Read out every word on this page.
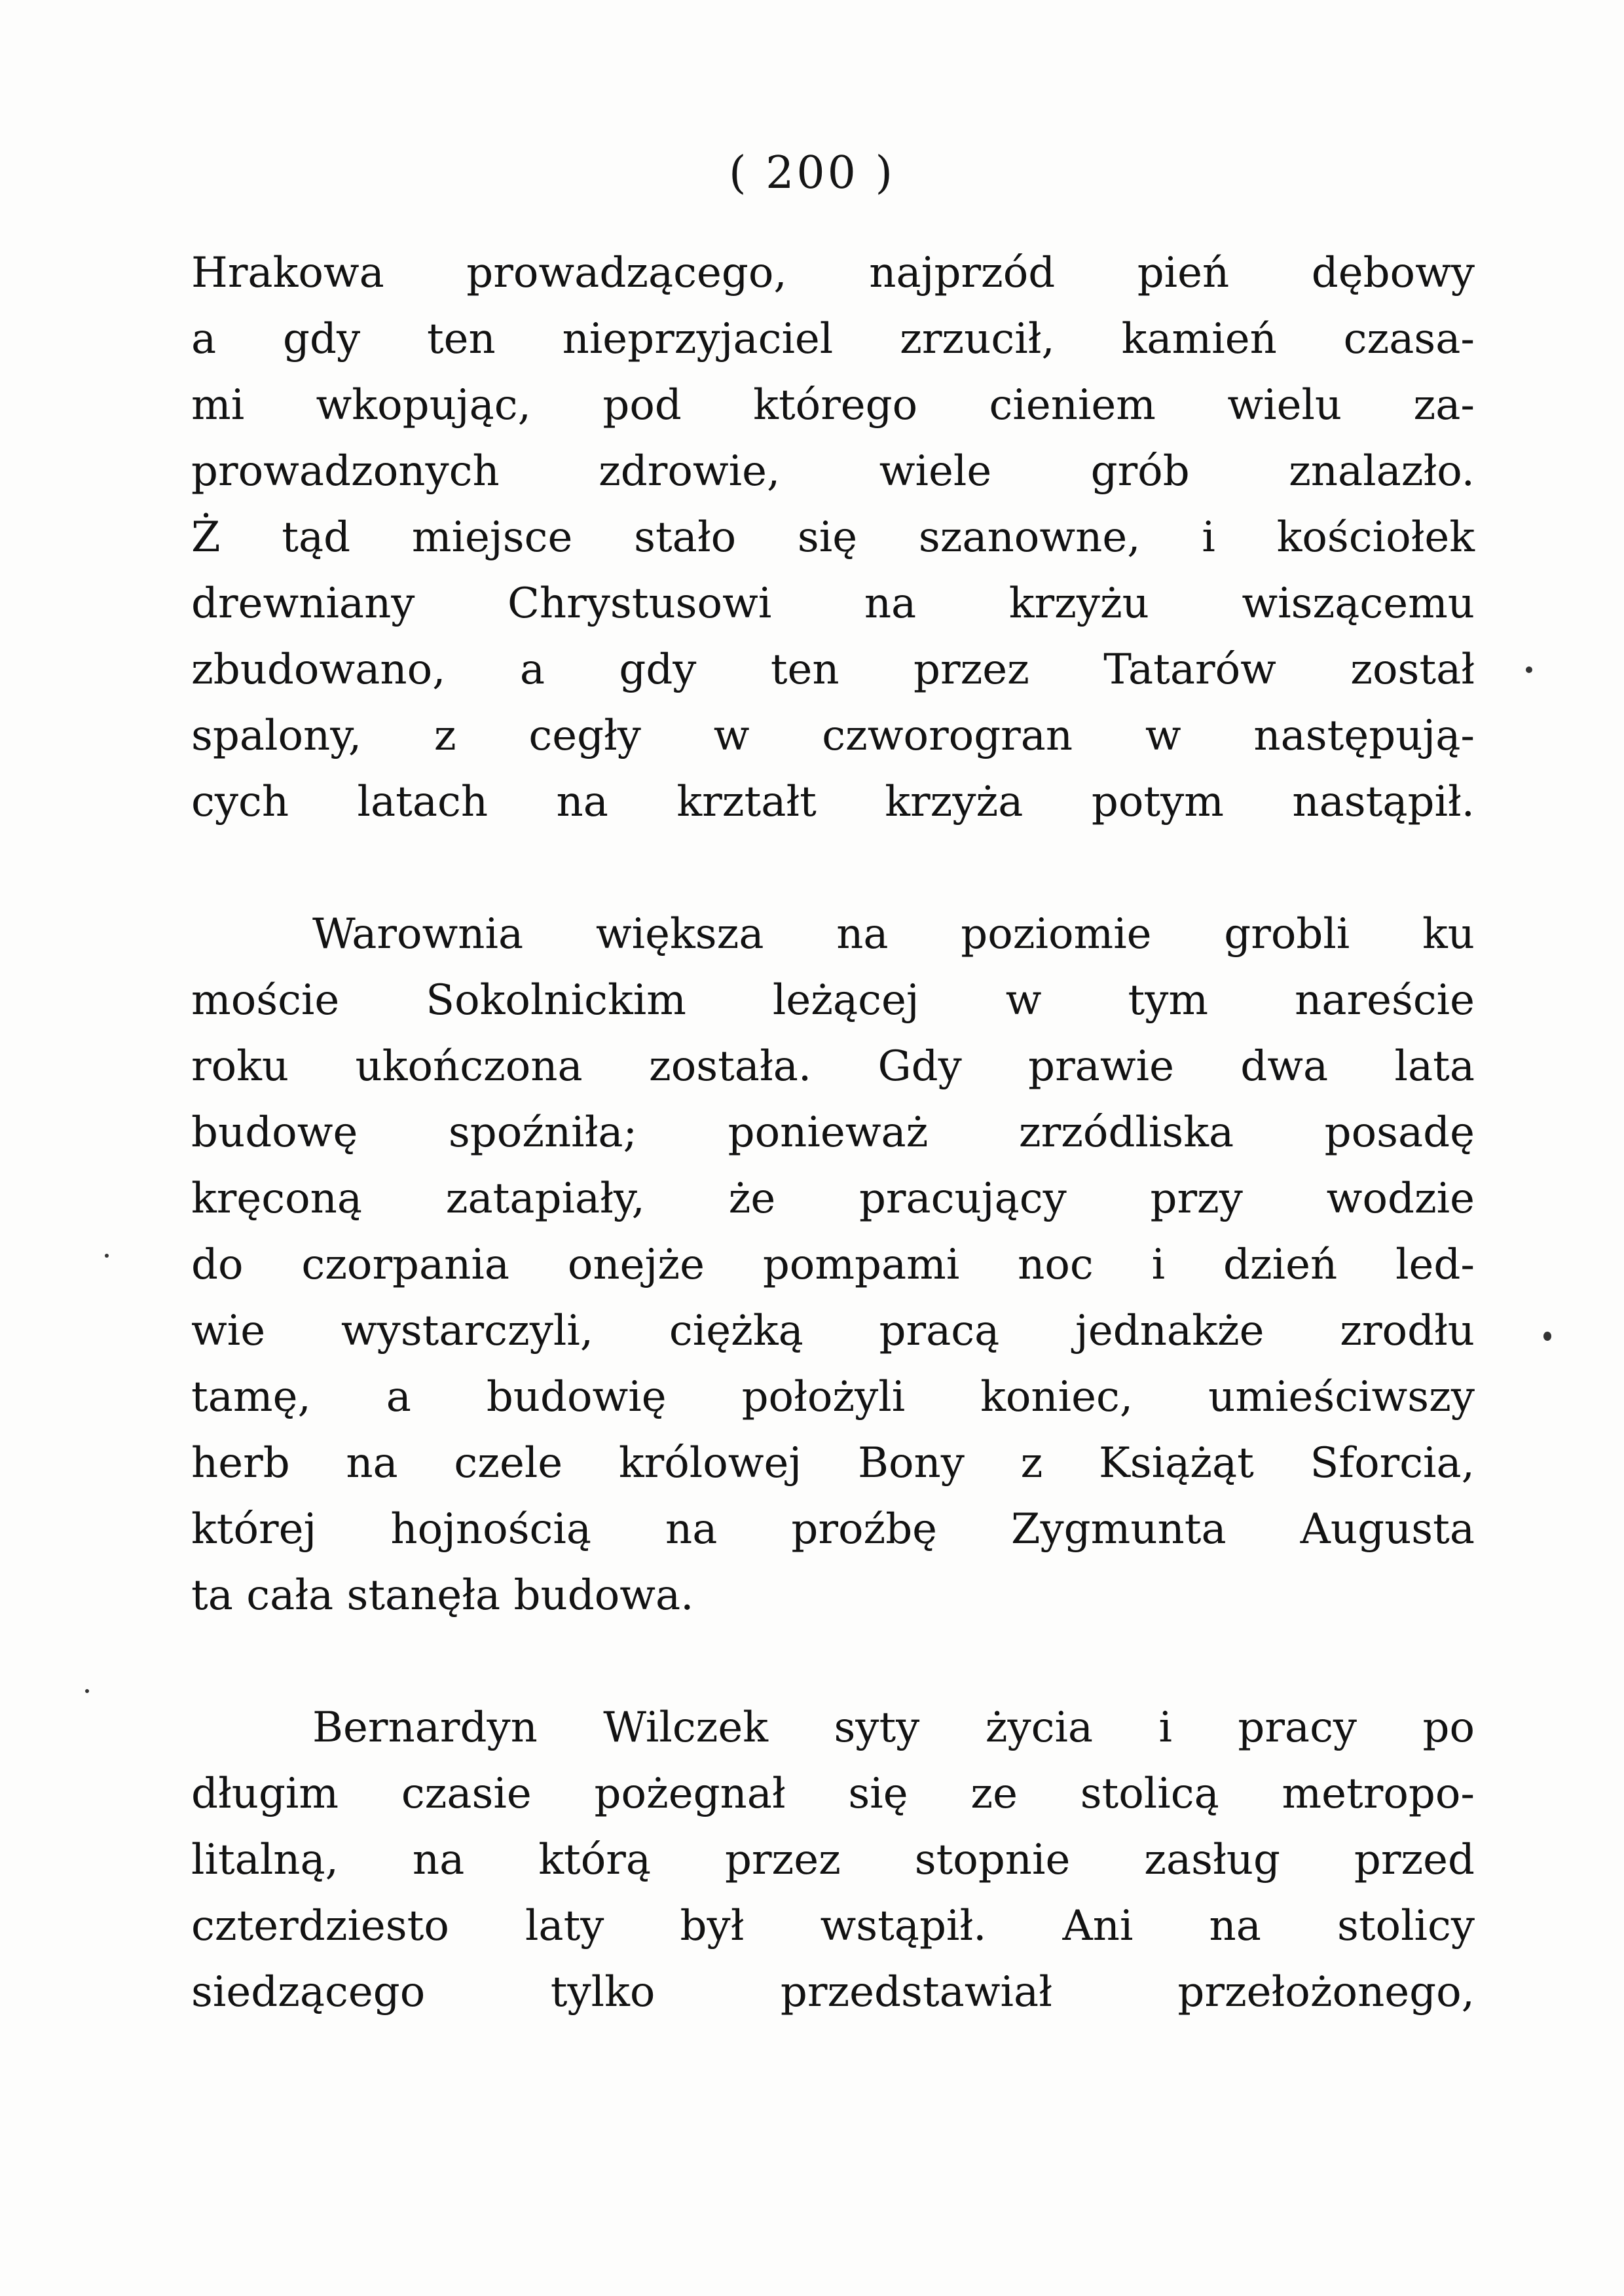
( 200 )
Hrakowa prowadzącego, najprzód pień dębowy
a gdy ten nieprzyjaciel zrzucił, kamień czasa-
mi wkopując, pod którego cieniem wielu za-
prowadzonych zdrowie, wiele grób znalazło.
Ż tąd miejsce stało się szanowne, i kościołek
drewniany Chrystusowi na krzyżu wiszącemu
zbudowano, a gdy ten przez Tatarów został
spalony, z cegły w czworogran w następują-
cych latach na krztałt krzyża potym nastąpił.
Warownia większa na poziomie grobli ku
moście Sokolnickim leżącej w tym nareście
roku ukończona została. Gdy prawie dwa lata
budowę spoźniła; ponieważ zrzódliska posadę
kręconą zatapiały, że pracujący przy wodzie
do czorpania onejże pompami noc i dzień led-
wie wystarczyli, ciężką pracą jednakże zrodłu
tamę, a budowię położyli koniec, umieściwszy
herb na czele królowej Bony z Książąt Sforcia,
której hojnością na proźbę Zygmunta Augusta
ta cała stanęła budowa.
Bernardyn Wilczek syty życia i pracy po
długim czasie pożegnał się ze stolicą metropo-
litalną, na którą przez stopnie zasług przed
czterdziesto laty był wstąpił. Ani na stolicy
siedzącego tylko przedstawiał przełożonego,
